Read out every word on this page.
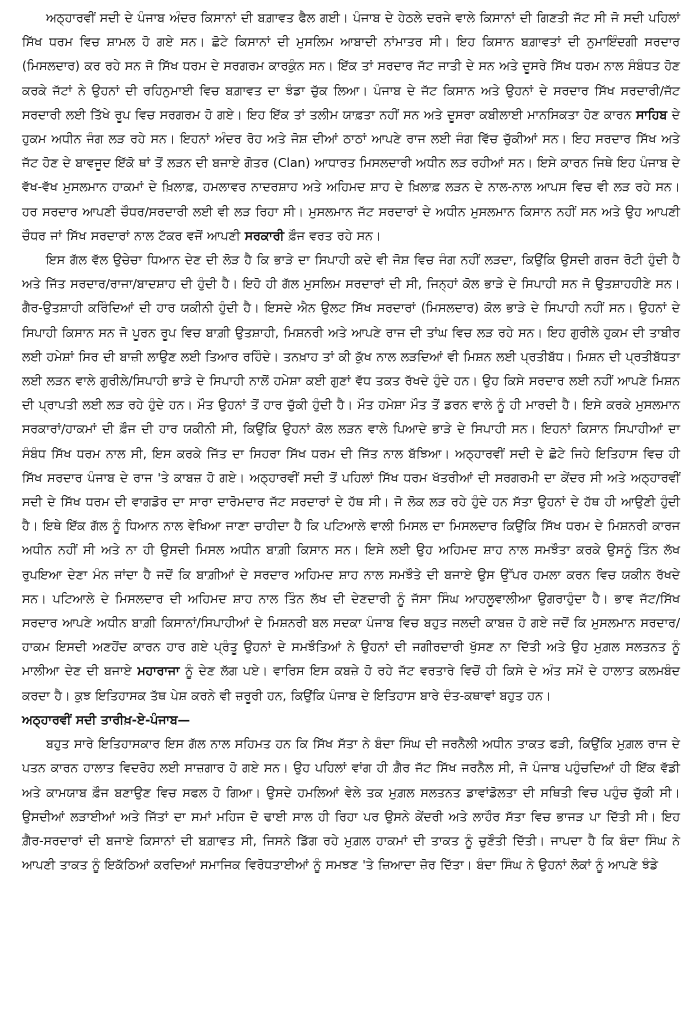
ਅਠ੍ਹਾਰਵੀਂ ਸਦੀ ਦੇ ਪੰਜਾਬ ਅੰਦਰ ਕਿਸਾਨਾਂ ਦੀ ਬਗ਼ਾਵਤ ਫੈਲ ਗਈ। ਪੰਜਾਬ ਦੇ ਹੇਠਲੇ ਦਰਜੇ ਵਾਲੇ ਕਿਸਾਨਾਂ ਦੀ ਗਿਣਤੀ ਜੱਟ ਸੀ ਜੋ ਸਦੀ ਪਹਿਲਾਂ ਸਿੱਖ ਧਰਮ ਵਿਚ ਸ਼ਾਮਲ ਹੋ ਗਏ ਸਨ। ਛੋਟੇ ਕਿਸਾਨਾਂ ਦੀ ਮੁਸਲਿਮ ਆਬਾਦੀ ਨਾਂਮਾਤਰ ਸੀ। ਇਹ ਕਿਸਾਨ ਬਗ਼ਾਵਤਾਂ ਦੀ ਨੁਮਾਇੰਦਗੀ ਸਰਦਾਰ (ਮਿਸਲਦਾਰ) ਕਰ ਰਹੇ ਸਨ ਜੋ ਸਿੱਖ ਧਰਮ ਦੇ ਸਰਗਰਮ ਕਾਰਕੁੰਨ ਸਨ। ਇੱਕ ਤਾਂ ਸਰਦਾਰ ਜੱਟ ਜਾਤੀ ਦੇ ਸਨ ਅਤੇ ਦੂਸਰੇ ਸਿੱਖ ਧਰਮ ਨਾਲ ਸੰਬੰਧਤ ਹੋਣ ਕਰਕੇ ਜੱਟਾਂ ਨੇ ਉਹਨਾਂ ਦੀ ਰਹਿਨੁਮਾਈ ਵਿਚ ਬਗ਼ਾਵਤ ਦਾ ਝੰਡਾ ਚੁੱਕ ਲਿਆ। ਪੰਜਾਬ ਦੇ ਜੱਟ ਕਿਸਾਨ ਅਤੇ ਉਹਨਾਂ ਦੇ ਸਰਦਾਰ ਸਿੱਖ ਸਰਦਾਰੀ/ਜੱਟ ਸਰਦਾਰੀ ਲਈ ਤਿੱਖੇ ਰੂਪ ਵਿਚ ਸਰਗਰਮ ਹੋ ਗਏ। ਇਹ ਇੱਕ ਤਾਂ ਤਲੀਮ ਯਾਫ਼ਤਾ ਨਹੀਂ ਸਨ ਅਤੇ ਦੂਸਰਾ ਕਬੀਲਾਈ ਮਾਨਸਿਕਤਾ ਹੋਣ ਕਾਰਨ ਸਾਹਿਬ ਦੇ ਹੁਕਮ ਅਧੀਨ ਜੰਗ ਲੜ ਰਹੇ ਸਨ। ਇਹਨਾਂ ਅੰਦਰ ਰੋਹ ਅਤੇ ਜੋਸ਼ ਦੀਆਂ ਠਾਠਾਂ ਆਪਣੇ ਰਾਜ ਲਈ ਜੰਗ ਵਿੱਚ ਚੁੱਕੀਆਂ ਸਨ। ਇਹ ਸਰਦਾਰ ਸਿੱਖ ਅਤੇ ਜੱਟ ਹੋਣ ਦੇ ਬਾਵਜੂਦ ਇੱਕੋ ਥਾਂ ਤੋਂ ਲੜਨ ਦੀ ਬਜਾਏ ਗੋਤਰ (Clan) ਆਧਾਰਤ ਮਿਸਲਦਾਰੀ ਅਧੀਨ ਲੜ ਰਹੀਆਂ ਸਨ। ਇਸੇ ਕਾਰਨ ਜਿਥੇ ਇਹ ਪੰਜਾਬ ਦੇ ਵੱਖ-ਵੱਖ ਮੁਸਲਮਾਨ ਹਾਕਮਾਂ ਦੇ ਖ਼ਿਲਾਫ਼, ਹਮਲਾਵਰ ਨਾਦਰਸ਼ਾਹ ਅਤੇ ਅਹਿਮਦ ਸ਼ਾਹ ਦੇ ਖ਼ਿਲਾਫ਼ ਲੜਨ ਦੇ ਨਾਲ-ਨਾਲ ਆਪਸ ਵਿਚ ਵੀ ਲੜ ਰਹੇ ਸਨ। ਹਰ ਸਰਦਾਰ ਆਪਣੀ ਚੌਧਰ/ਸਰਦਾਰੀ ਲਈ ਵੀ ਲੜ ਰਿਹਾ ਸੀ। ਮੁਸਲਮਾਨ ਜੱਟ ਸਰਦਾਰਾਂ ਦੇ ਅਧੀਨ ਮੁਸਲਮਾਨ ਕਿਸਾਨ ਨਹੀਂ ਸਨ ਅਤੇ ਉਹ ਆਪਣੀ ਚੌਧਰ ਜਾਂ ਸਿੱਖ ਸਰਦਾਰਾਂ ਨਾਲ ਟੱਕਰ ਵਜੋਂ ਆਪਣੀ ਸਰਕਾਰੀ ਫ਼ੌਜ ਵਰਤ ਰਹੇ ਸਨ।

ਇਸ ਗੱਲ ਵੱਲ ਉਚੇਚਾ ਧਿਆਨ ਦੇਣ ਦੀ ਲੋੜ ਹੈ ਕਿ ਭਾੜੇ ਦਾ ਸਿਪਾਹੀ ਕਦੇ ਵੀ ਜੋਸ਼ ਵਿਚ ਜੰਗ ਨਹੀਂ ਲੜਦਾ, ਕਿਉਂਕਿ ਉਸਦੀ ਗਰਜ ਰੋਟੀ ਹੁੰਦੀ ਹੈ ਅਤੇ ਜਿੱਤ ਸਰਦਾਰ/ਰਾਜਾ/ਬਾਦਸ਼ਾਹ ਦੀ ਹੁੰਦੀ ਹੈ। ਇਹੋ ਹੀ ਗੱਲ ਮੁਸਲਿਮ ਸਰਦਾਰਾਂ ਦੀ ਸੀ, ਜਿਨ੍ਹਾਂ ਕੋਲ ਭਾੜੇ ਦੇ ਸਿਪਾਹੀ ਸਨ ਜੋ ਉਤਸ਼ਾਹਹੀਣੇ ਸਨ। ਗੈਰ-ਉਤਸ਼ਾਹੀ ਕਰਿੰਦਿਆਂ ਦੀ ਹਾਰ ਯਕੀਨੀ ਹੁੰਦੀ ਹੈ। ਇਸਦੇ ਐਨ ਉਲਟ ਸਿੱਖ ਸਰਦਾਰਾਂ (ਮਿਸਲਦਾਰ) ਕੋਲ ਭਾੜੇ ਦੇ ਸਿਪਾਹੀ ਨਹੀਂ ਸਨ। ਉਹਨਾਂ ਦੇ ਸਿਪਾਹੀ ਕਿਸਾਨ ਸਨ ਜੋ ਪੂਰਨ ਰੂਪ ਵਿਚ ਬਾਗ਼ੀ ਉਤਸ਼ਾਹੀ, ਮਿਸ਼ਨਰੀ ਅਤੇ ਆਪਣੇ ਰਾਜ ਦੀ ਤਾਂਘ ਵਿਚ ਲੜ ਰਹੇ ਸਨ। ਇਹ ਗੁਰੀਲੇ ਹੁਕਮ ਦੀ ਤਾਬੀਰ ਲਈ ਹਮੇਸ਼ਾਂ ਸਿਰ ਦੀ ਬਾਜ਼ੀ ਲਾਉਣ ਲਈ ਤਿਆਰ ਰਹਿੰਦੇ। ਤਨਖ਼ਾਹ ਤਾਂ ਕੀ ਕੁੱਖ ਨਾਲ ਲੜਦਿਆਂ ਵੀ ਮਿਸ਼ਨ ਲਈ ਪ੍ਰਤੀਬੱਧ। ਮਿਸ਼ਨ ਦੀ ਪ੍ਰਤੀਬੱਧਤਾ ਲਈ ਲੜਨ ਵਾਲੇ ਗੁਰੀਲੇ/ਸਿਪਾਹੀ ਭਾੜੇ ਦੇ ਸਿਪਾਹੀ ਨਾਲੋਂ ਹਮੇਸ਼ਾ ਕਈ ਗੁਣਾਂ ਵੱਧ ਤਕਤ ਰੱਖਦੇ ਹੁੰਦੇ ਹਨ। ਉਹ ਕਿਸੇ ਸਰਦਾਰ ਲਈ ਨਹੀਂ ਆਪਣੇ ਮਿਸ਼ਨ ਦੀ ਪ੍ਰਾਪਤੀ ਲਈ ਲੜ ਰਹੇ ਹੁੰਦੇ ਹਨ। ਮੌਤ ਉਹਨਾਂ ਤੋਂ ਹਾਰ ਚੁੱਕੀ ਹੁੰਦੀ ਹੈ। ਮੌਤ ਹਮੇਸ਼ਾ ਮੌਤ ਤੋਂ ਡਰਨ ਵਾਲੇ ਨੂੰ ਹੀ ਮਾਰਦੀ ਹੈ। ਇਸੇ ਕਰਕੇ ਮੁਸਲਮਾਨ ਸਰਕਾਰਾਂ/ਹਾਕਮਾਂ ਦੀ ਫ਼ੌਜ ਦੀ ਹਾਰ ਯਕੀਨੀ ਸੀ, ਕਿਉਂਕਿ ਉਹਨਾਂ ਕੋਲ ਲੜਨ ਵਾਲੇ ਪਿਆਦੇ ਭਾੜੇ ਦੇ ਸਿਪਾਹੀ ਸਨ। ਇਹਨਾਂ ਕਿਸਾਨ ਸਿਪਾਹੀਆਂ ਦਾ ਸੰਬੰਧ ਸਿੱਖ ਧਰਮ ਨਾਲ ਸੀ, ਇਸ ਕਰਕੇ ਜਿੱਤ ਦਾ ਸਿਹਰਾ ਸਿੱਖ ਧਰਮ ਦੀ ਜਿੱਤ ਨਾਲ ਬੱਝਿਆ। ਅਠ੍ਹਾਰਵੀਂ ਸਦੀ ਦੇ ਛੋਟੇ ਜਿਹੇ ਇਤਿਹਾਸ ਵਿਚ ਹੀ ਸਿੱਖ ਸਰਦਾਰ ਪੰਜਾਬ ਦੇ ਰਾਜ 'ਤੇ ਕਾਬਜ਼ ਹੋ ਗਏ। ਅਠ੍ਹਾਰਵੀਂ ਸਦੀ ਤੋਂ ਪਹਿਲਾਂ ਸਿੱਖ ਧਰਮ ਖੱਤਰੀਆਂ ਦੀ ਸਰਗਰਮੀ ਦਾ ਕੇਂਦਰ ਸੀ ਅਤੇ ਅਠ੍ਹਾਰਵੀਂ ਸਦੀ ਦੇ ਸਿੱਖ ਧਰਮ ਦੀ ਵਾਗਡੋਰ ਦਾ ਸਾਰਾ ਦਾਰੋਮਦਾਰ ਜੱਟ ਸਰਦਾਰਾਂ ਦੇ ਹੱਥ ਸੀ। ਜੋ ਲੋਕ ਲੜ ਰਹੇ ਹੁੰਦੇ ਹਨ ਸੱਤਾ ਉਹਨਾਂ ਦੇ ਹੱਥ ਹੀ ਆਉਣੀ ਹੁੰਦੀ ਹੈ। ਇਥੇ ਇੱਕ ਗੱਲ ਨੂੰ ਧਿਆਨ ਨਾਲ ਵੇਖਿਆ ਜਾਣਾ ਚਾਹੀਦਾ ਹੈ ਕਿ ਪਟਿਆਲੇ ਵਾਲੀ ਮਿਸਲ ਦਾ ਮਿਸਲਦਾਰ ਕਿਉਂਕਿ ਸਿੱਖ ਧਰਮ ਦੇ ਮਿਸ਼ਨਰੀ ਕਾਰਜ ਅਧੀਨ ਨਹੀਂ ਸੀ ਅਤੇ ਨਾ ਹੀ ਉਸਦੀ ਮਿਸਲ ਅਧੀਨ ਬਾਗ਼ੀ ਕਿਸਾਨ ਸਨ। ਇਸੇ ਲਈ ਉਹ ਅਹਿਮਦ ਸ਼ਾਹ ਨਾਲ ਸਮਝੌਤਾ ਕਰਕੇ ਉਸਨੂੰ ਤਿੰਨ ਲੱਖ ਰੁਪਇਆ ਦੇਣਾ ਮੰਨ ਜਾਂਦਾ ਹੈ ਜਦੋਂ ਕਿ ਬਾਗ਼ੀਆਂ ਦੇ ਸਰਦਾਰ ਅਹਿਮਦ ਸ਼ਾਹ ਨਾਲ ਸਮਝੌਤੇ ਦੀ ਬਜਾਏ ਉਸ ਉੱਪਰ ਹਮਲਾ ਕਰਨ ਵਿਚ ਯਕੀਨ ਰੱਖਦੇ ਸਨ। ਪਟਿਆਲੇ ਦੇ ਮਿਸਲਦਾਰ ਦੀ ਅਹਿਮਦ ਸ਼ਾਹ ਨਾਲ ਤਿੰਨ ਲੱਖ ਦੀ ਦੇਣਦਾਰੀ ਨੂੰ ਜੱਸਾ ਸਿੰਘ ਆਹਲੂਵਾਲੀਆ ਉਗਰਾਹੁੰਦਾ ਹੈ। ਭਾਵ ਜੱਟ/ਸਿੱਖ ਸਰਦਾਰ ਆਪਣੇ ਅਧੀਨ ਬਾਗ਼ੀ ਕਿਸਾਨਾਂ/ਸਿਪਾਹੀਆਂ ਦੇ ਮਿਸ਼ਨਰੀ ਬਲ ਸਦਕਾ ਪੰਜਾਬ ਵਿਚ ਬਹੁਤ ਜਲਦੀ ਕਾਬਜ਼ ਹੋ ਗਏ ਜਦੋਂ ਕਿ ਮੁਸਲਮਾਨ ਸਰਦਾਰ/ਹਾਕਮ ਇਸਦੀ ਅਣਹੋਂਦ ਕਾਰਨ ਹਾਰ ਗਏ ਪ੍ਰੰਤੂ ਉਹਨਾਂ ਦੇ ਸਮਝੌਤਿਆਂ ਨੇ ਉਹਨਾਂ ਦੀ ਜਗੀਰਦਾਰੀ ਖੁੱਸਣ ਨਾ ਦਿੱਤੀ ਅਤੇ ਉਹ ਮੁਗ਼ਲ ਸਲਤਨਤ ਨੂੰ ਮਾਲੀਆ ਦੇਣ ਦੀ ਬਜਾਏ ਮਹਾਰਾਜਾ ਨੂੰ ਦੇਣ ਲੱਗ ਪਏ। ਵਾਰਿਸ ਇਸ ਕਬਜ਼ੇ ਹੋ ਰਹੇ ਜੱਟ ਵਰਤਾਰੇ ਵਿਚੋਂ ਹੀ ਕਿਸੇ ਦੇ ਅੰਤ ਸਮੇਂ ਦੇ ਹਾਲਾਤ ਕਲਮਬੰਦ ਕਰਦਾ ਹੈ। ਕੁਝ ਇਤਿਹਾਸਕ ਤੱਥ ਪੇਸ਼ ਕਰਨੇ ਵੀ ਜ਼ਰੂਰੀ ਹਨ, ਕਿਉਂਕਿ ਪੰਜਾਬ ਦੇ ਇਤਿਹਾਸ ਬਾਰੇ ਦੰਤ-ਕਥਾਵਾਂ ਬਹੁਤ ਹਨ।

ਅਠ੍ਹਾਰਵੀਂ ਸਦੀ ਤਾਰੀਖ਼-ਏ-ਪੰਜਾਬ—

ਬਹੁਤ ਸਾਰੇ ਇਤਿਹਾਸਕਾਰ ਇਸ ਗੱਲ ਨਾਲ ਸਹਿਮਤ ਹਨ ਕਿ ਸਿੱਖ ਸੱਤਾ ਨੇ ਬੰਦਾ ਸਿੰਘ ਦੀ ਜਰਨੈਲੀ ਅਧੀਨ ਤਾਕਤ ਫੜੀ, ਕਿਉਂਕਿ ਮੁਗ਼ਲ ਰਾਜ ਦੇ ਪਤਨ ਕਾਰਨ ਹਾਲਾਤ ਵਿਦਰੋਹ ਲਈ ਸਾਜ਼ਗਾਰ ਹੋ ਗਏ ਸਨ। ਉਹ ਪਹਿਲਾਂ ਵਾਂਗ ਹੀ ਗ਼ੈਰ ਜੱਟ ਸਿੱਖ ਜਰਨੈਲ ਸੀ, ਜੋ ਪੰਜਾਬ ਪਹੁੰਚਦਿਆਂ ਹੀ ਇੱਕ ਵੱਡੀ ਅਤੇ ਕਾਮਯਾਬ ਫ਼ੌਜ ਬਣਾਉਣ ਵਿਚ ਸਫਲ ਹੋ ਗਿਆ। ਉਸਦੇ ਹਮਲਿਆਂ ਵੇਲੇ ਤਕ ਮੁਗ਼ਲ ਸਲਤਨਤ ਡਾਵਾਂਡੋਲਤਾ ਦੀ ਸਥਿਤੀ ਵਿਚ ਪਹੁੰਚ ਚੁੱਕੀ ਸੀ। ਉਸਦੀਆਂ ਲੜਾਈਆਂ ਅਤੇ ਜਿੱਤਾਂ ਦਾ ਸਮਾਂ ਮਹਿਜ ਦੋ ਢਾਈ ਸਾਲ ਹੀ ਰਿਹਾ ਪਰ ਉਸਨੇ ਕੇਂਦਰੀ ਅਤੇ ਲਾਹੌਰ ਸੱਤਾ ਵਿਚ ਭਾਜੜ ਪਾ ਦਿੱਤੀ ਸੀ। ਇਹ ਗ਼ੈਰ-ਸਰਦਾਰਾਂ ਦੀ ਬਜਾਏ ਕਿਸਾਨਾਂ ਦੀ ਬਗ਼ਾਵਤ ਸੀ, ਜਿਸਨੇ ਡਿੱਗ ਰਹੇ ਮੁਗ਼ਲ ਹਾਕਮਾਂ ਦੀ ਤਾਕਤ ਨੂੰ ਚੁਣੌਤੀ ਦਿੱਤੀ। ਜਾਪਦਾ ਹੈ ਕਿ ਬੰਦਾ ਸਿੰਘ ਨੇ ਆਪਣੀ ਤਾਕਤ ਨੂੰ ਇਕੱਠਿਆਂ ਕਰਦਿਆਂ ਸਮਾਜਿਕ ਵਿਰੋਧਤਾਈਆਂ ਨੂੰ ਸਮਝਣ 'ਤੇ ਜ਼ਿਆਦਾ ਜ਼ੋਰ ਦਿੱਤਾ। ਬੰਦਾ ਸਿੰਘ ਨੇ ਉਹਨਾਂ ਲੋਕਾਂ ਨੂੰ ਆਪਣੇ ਝੰਡੇ
